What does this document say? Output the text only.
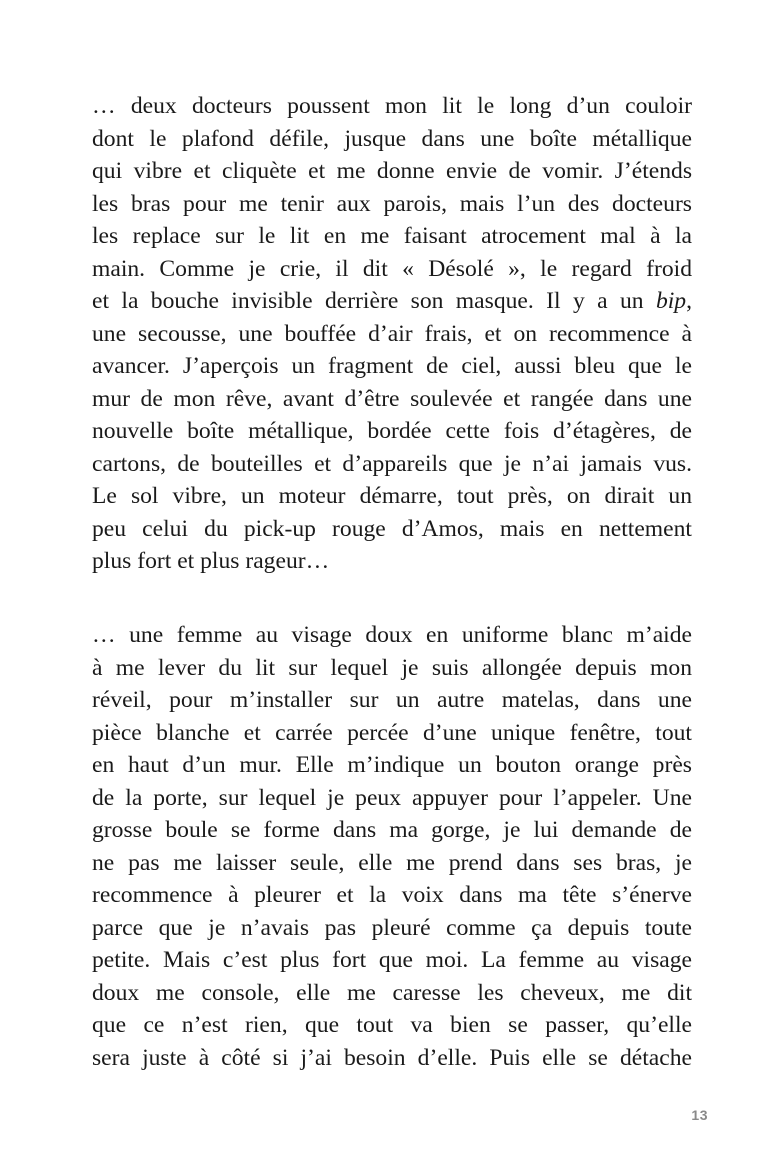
… deux docteurs poussent mon lit le long d’un couloir
dont le plafond défile, jusque dans une boîte métallique
qui vibre et cliquète et me donne envie de vomir. J’étends
les bras pour me tenir aux parois, mais l’un des docteurs
les replace sur le lit en me faisant atrocement mal à la
main. Comme je crie, il dit « Désolé », le regard froid
et la bouche invisible derrière son masque. Il y a un bip,
une secousse, une bouffée d’air frais, et on recommence à
avancer. J’aperçois un fragment de ciel, aussi bleu que le
mur de mon rêve, avant d’être soulevée et rangée dans une
nouvelle boîte métallique, bordée cette fois d’étagères, de
cartons, de bouteilles et d’appareils que je n’ai jamais vus.
Le sol vibre, un moteur démarre, tout près, on dirait un
peu celui du pick-up rouge d’Amos, mais en nettement
plus fort et plus rageur…

… une femme au visage doux en uniforme blanc m’aide
à me lever du lit sur lequel je suis allongée depuis mon
réveil, pour m’installer sur un autre matelas, dans une
pièce blanche et carrée percée d’une unique fenêtre, tout
en haut d’un mur. Elle m’indique un bouton orange près
de la porte, sur lequel je peux appuyer pour l’appeler. Une
grosse boule se forme dans ma gorge, je lui demande de
ne pas me laisser seule, elle me prend dans ses bras, je
recommence à pleurer et la voix dans ma tête s’énerve
parce que je n’avais pas pleuré comme ça depuis toute
petite. Mais c’est plus fort que moi. La femme au visage
doux me console, elle me caresse les cheveux, me dit
que ce n’est rien, que tout va bien se passer, qu’elle
sera juste à côté si j’ai besoin d’elle. Puis elle se détache

13
